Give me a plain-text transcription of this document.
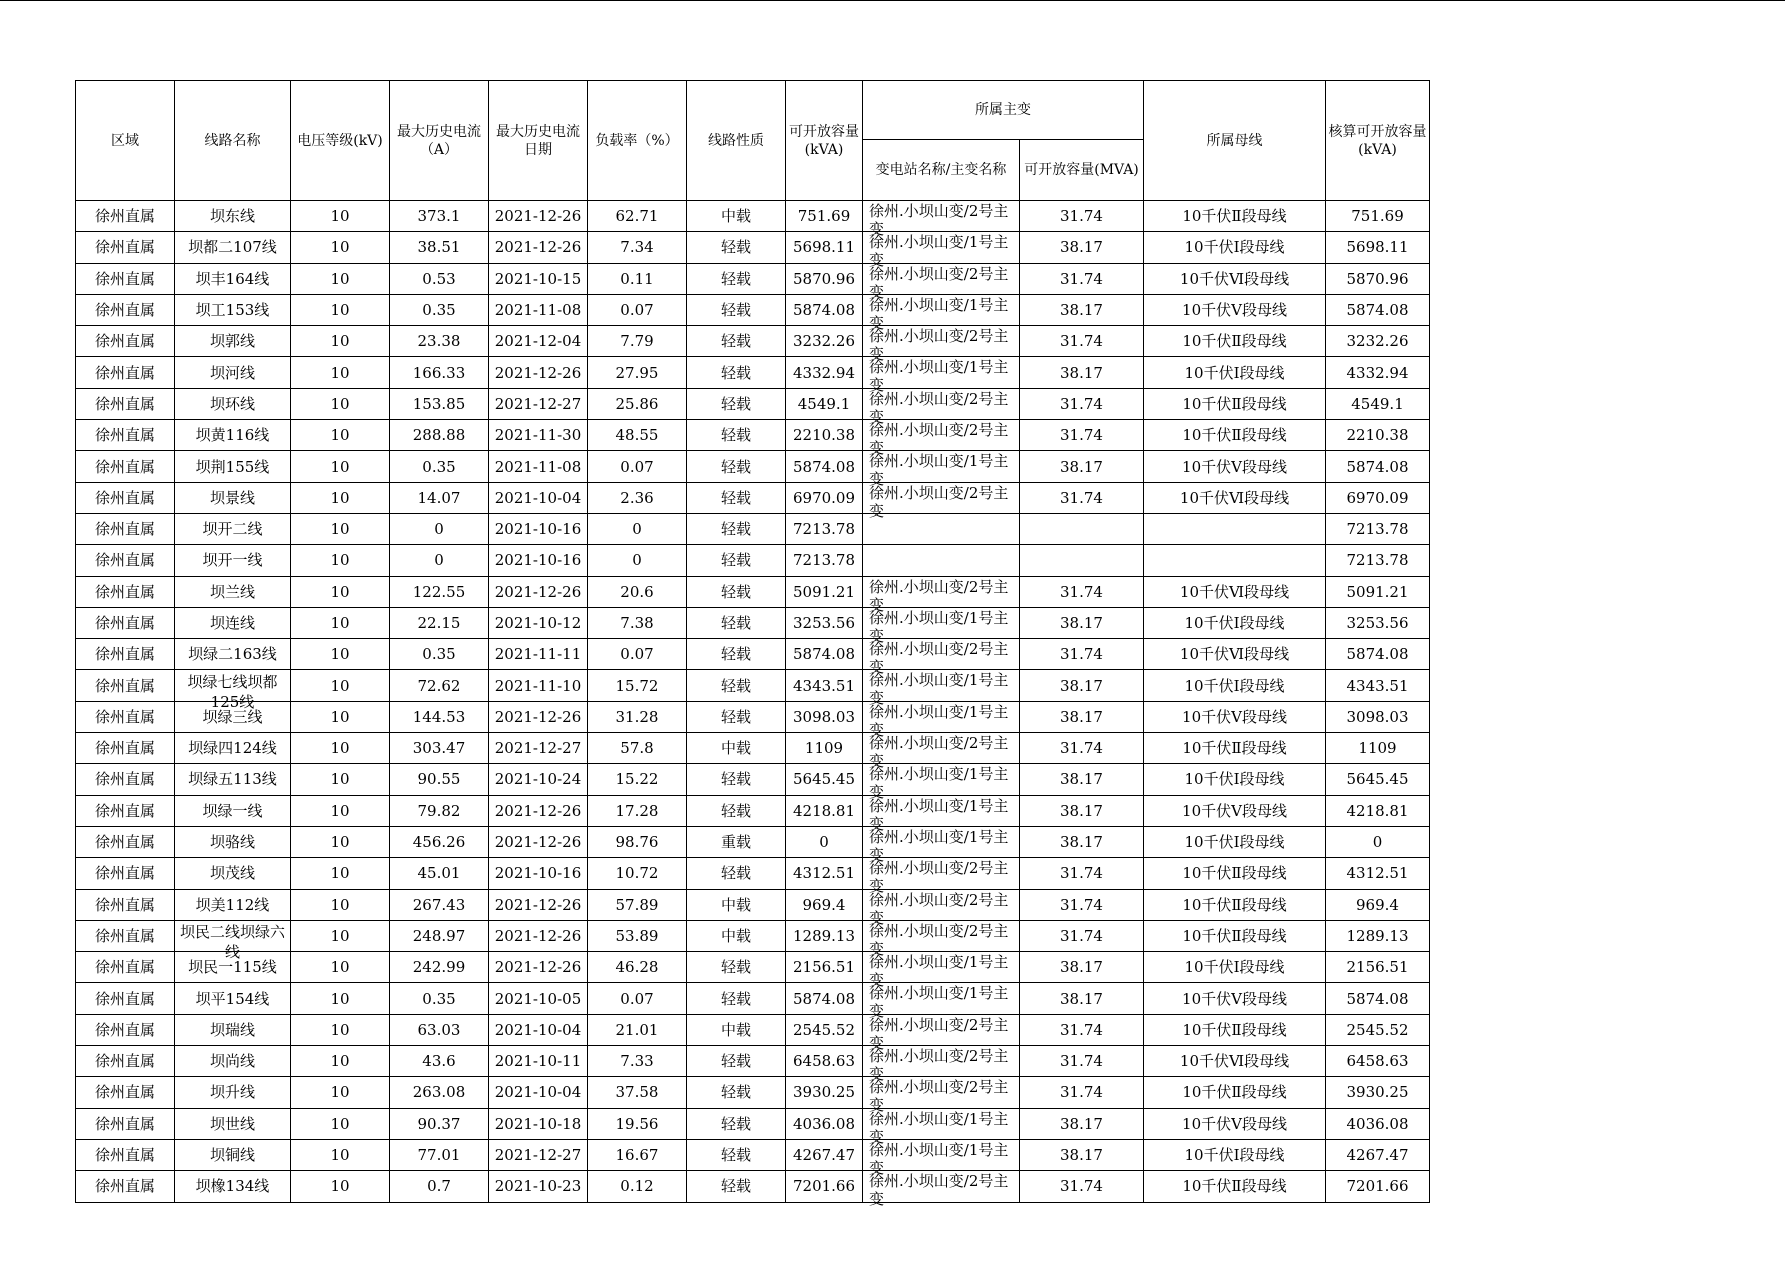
区域	线路名称	电压等级(kV)	最大历史电流（A）	最大历史电流日期	负载率（%）	线路性质	可开放容量(kVA)	所属主变		所属母线	核算可开放容量(kVA)

								变电站名称/主变名称	可开放容量(MVA)		

徐州直属	坝东线	10	373.1	2021-12-26	62.71	中载	751.69	徐州.小坝山变/2号主变	31.74	10千伏Ⅱ段母线	751.69
徐州直属	坝都二107线	10	38.51	2021-12-26	7.34	轻载	5698.11	徐州.小坝山变/1号主变	38.17	10千伏Ⅰ段母线	5698.11
徐州直属	坝丰164线	10	0.53	2021-10-15	0.11	轻载	5870.96	徐州.小坝山变/2号主变	31.74	10千伏Ⅵ段母线	5870.96
徐州直属	坝工153线	10	0.35	2021-11-08	0.07	轻载	5874.08	徐州.小坝山变/1号主变	38.17	10千伏Ⅴ段母线	5874.08
徐州直属	坝郭线	10	23.38	2021-12-04	7.79	轻载	3232.26	徐州.小坝山变/2号主变	31.74	10千伏Ⅱ段母线	3232.26
徐州直属	坝河线	10	166.33	2021-12-26	27.95	轻载	4332.94	徐州.小坝山变/1号主变	38.17	10千伏Ⅰ段母线	4332.94
徐州直属	坝环线	10	153.85	2021-12-27	25.86	轻载	4549.1	徐州.小坝山变/2号主变	31.74	10千伏Ⅱ段母线	4549.1
徐州直属	坝黄116线	10	288.88	2021-11-30	48.55	轻载	2210.38	徐州.小坝山变/2号主变	31.74	10千伏Ⅱ段母线	2210.38
徐州直属	坝荆155线	10	0.35	2021-11-08	0.07	轻载	5874.08	徐州.小坝山变/1号主变	38.17	10千伏Ⅴ段母线	5874.08
徐州直属	坝景线	10	14.07	2021-10-04	2.36	轻载	6970.09	徐州.小坝山变/2号主变	31.74	10千伏Ⅵ段母线	6970.09
徐州直属	坝开二线	10	0	2021-10-16	0	轻载	7213.78				7213.78
徐州直属	坝开一线	10	0	2021-10-16	0	轻载	7213.78				7213.78
徐州直属	坝兰线	10	122.55	2021-12-26	20.6	轻载	5091.21	徐州.小坝山变/2号主变	31.74	10千伏Ⅵ段母线	5091.21
徐州直属	坝连线	10	22.15	2021-10-12	7.38	轻载	3253.56	徐州.小坝山变/1号主变	38.17	10千伏Ⅰ段母线	3253.56
徐州直属	坝绿二163线	10	0.35	2021-11-11	0.07	轻载	5874.08	徐州.小坝山变/2号主变	31.74	10千伏Ⅵ段母线	5874.08
徐州直属	坝绿七线坝都125线	10	72.62	2021-11-10	15.72	轻载	4343.51	徐州.小坝山变/1号主变	38.17	10千伏Ⅰ段母线	4343.51
徐州直属	坝绿三线	10	144.53	2021-12-26	31.28	轻载	3098.03	徐州.小坝山变/1号主变	38.17	10千伏Ⅴ段母线	3098.03
徐州直属	坝绿四124线	10	303.47	2021-12-27	57.8	中载	1109	徐州.小坝山变/2号主变	31.74	10千伏Ⅱ段母线	1109
徐州直属	坝绿五113线	10	90.55	2021-10-24	15.22	轻载	5645.45	徐州.小坝山变/1号主变	38.17	10千伏Ⅰ段母线	5645.45
徐州直属	坝绿一线	10	79.82	2021-12-26	17.28	轻载	4218.81	徐州.小坝山变/1号主变	38.17	10千伏Ⅴ段母线	4218.81
徐州直属	坝骆线	10	456.26	2021-12-26	98.76	重载	0	徐州.小坝山变/1号主变	38.17	10千伏Ⅰ段母线	0
徐州直属	坝茂线	10	45.01	2021-10-16	10.72	轻载	4312.51	徐州.小坝山变/2号主变	31.74	10千伏Ⅱ段母线	4312.51
徐州直属	坝美112线	10	267.43	2021-12-26	57.89	中载	969.4	徐州.小坝山变/2号主变	31.74	10千伏Ⅱ段母线	969.4
徐州直属	坝民二线坝绿六线	10	248.97	2021-12-26	53.89	中载	1289.13	徐州.小坝山变/2号主变	31.74	10千伏Ⅱ段母线	1289.13
徐州直属	坝民一115线	10	242.99	2021-12-26	46.28	轻载	2156.51	徐州.小坝山变/1号主变	38.17	10千伏Ⅰ段母线	2156.51
徐州直属	坝平154线	10	0.35	2021-10-05	0.07	轻载	5874.08	徐州.小坝山变/1号主变	38.17	10千伏Ⅴ段母线	5874.08
徐州直属	坝瑞线	10	63.03	2021-10-04	21.01	中载	2545.52	徐州.小坝山变/2号主变	31.74	10千伏Ⅱ段母线	2545.52
徐州直属	坝尚线	10	43.6	2021-10-11	7.33	轻载	6458.63	徐州.小坝山变/2号主变	31.74	10千伏Ⅵ段母线	6458.63
徐州直属	坝升线	10	263.08	2021-10-04	37.58	轻载	3930.25	徐州.小坝山变/2号主变	31.74	10千伏Ⅱ段母线	3930.25
徐州直属	坝世线	10	90.37	2021-10-18	19.56	轻载	4036.08	徐州.小坝山变/1号主变	38.17	10千伏Ⅴ段母线	4036.08
徐州直属	坝铜线	10	77.01	2021-12-27	16.67	轻载	4267.47	徐州.小坝山变/1号主变	38.17	10千伏Ⅰ段母线	4267.47
徐州直属	坝橡134线	10	0.7	2021-10-23	0.12	轻载	7201.66	徐州.小坝山变/2号主变	31.74	10千伏Ⅱ段母线	7201.66
